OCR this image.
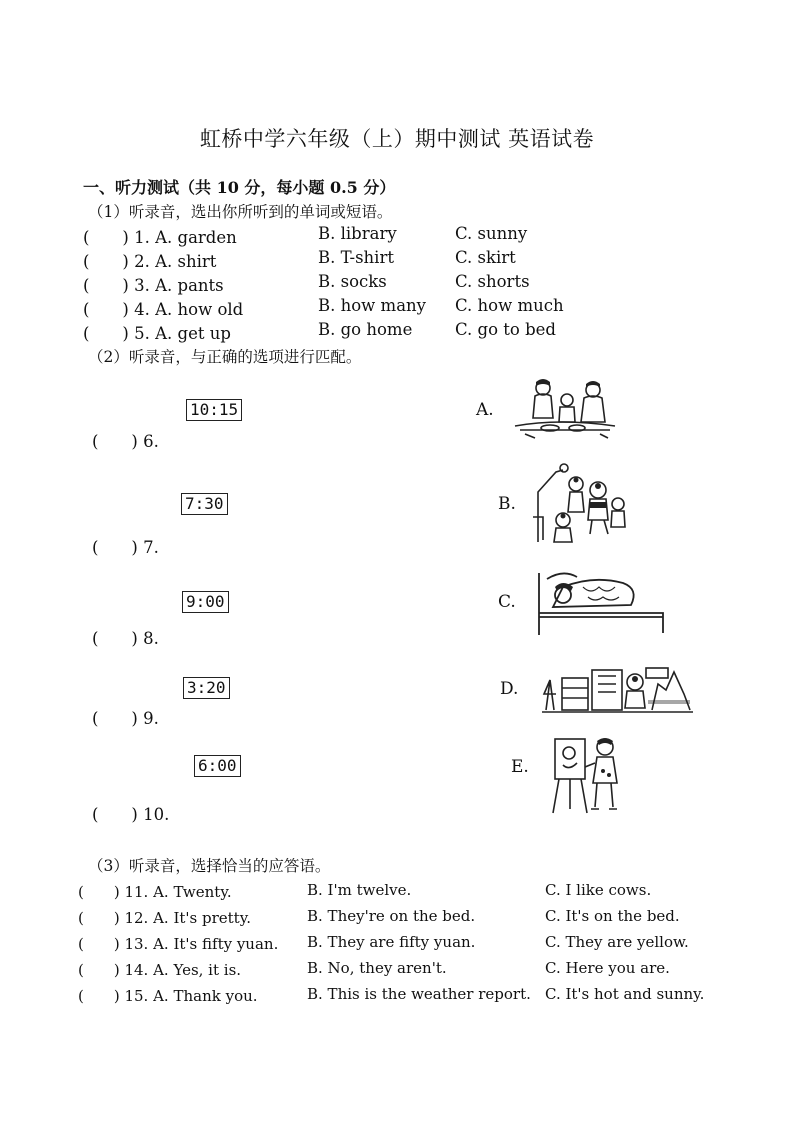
虹桥中学六年级（上）期中测试 英语试卷
一、听力测试（共 10 分，每小题 0.5 分）
（1）听录音，选出你所听到的单词或短语。
(　　) 1. A. garden	B. library	C. sunny
(　　) 2. A. shirt	B. T-shirt	C. skirt
(　　) 3. A. pants	B. socks	C. shorts
(　　) 4. A. how old	B. how many C. how much
(　　) 5. A. get up	B. go home	C. go to bed
（2）听录音，与正确的选项进行匹配。
10:15
(　　) 6.
7:30
(　　) 7.
9:00
(　　) 8.
3:20
(　　) 9.
6:00
(　　) 10.
A.
B.
C.
D.
E.
（3）听录音，选择恰当的应答语。
(　　) 11. A. Twenty.	B. I'm twelve.	C. I like cows.
(　　) 12. A. It's pretty.	B. They're on the bed.	C. It's on the bed.
(　　) 13. A. It's fifty yuan. B. They are fifty yuan.	C. They are yellow.
(　　) 14. A. Yes, it is.	B. No, they aren't.	C. Here you are.
(　　) 15. A. Thank you.	B. This is the weather report. C. It's hot and sunny.
